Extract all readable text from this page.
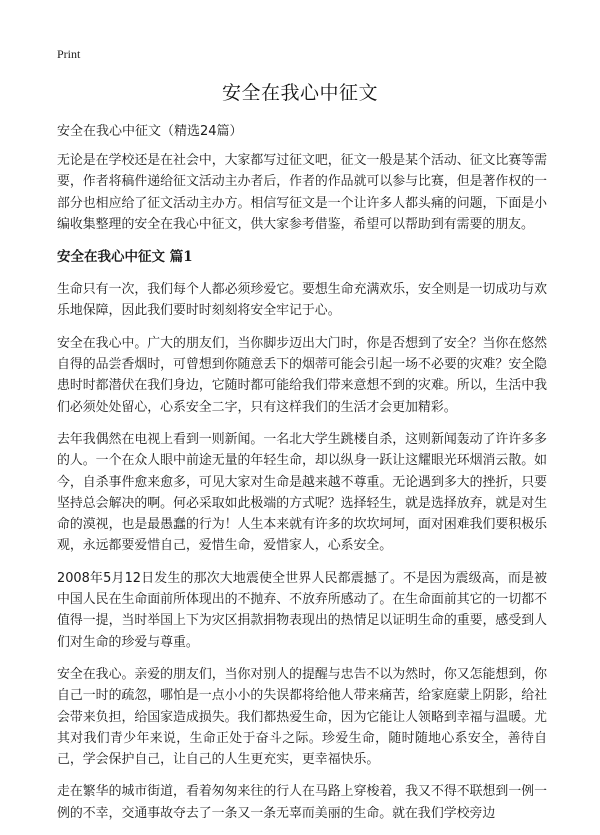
Print
安全在我心中征文
安全在我心中征文（精选24篇）

无论是在学校还是在社会中，大家都写过征文吧，征文一般是某个活动、征文比赛等需要，作者将稿件递给征文活动主办者后，作者的作品就可以参与比赛，但是著作权的一部分也相应给了征文活动主办方。相信写征文是一个让许多人都头痛的问题，下面是小编收集整理的安全在我心中征文，供大家参考借鉴，希望可以帮助到有需要的朋友。

安全在我心中征文 篇1

生命只有一次，我们每个人都必须珍爱它。要想生命充满欢乐，安全则是一切成功与欢乐地保障，因此我们要时时刻刻将安全牢记于心。

安全在我心中。广大的朋友们，当你脚步迈出大门时，你是否想到了安全？当你在悠然自得的品尝香烟时，可曾想到你随意丢下的烟蒂可能会引起一场不必要的灾难？安全隐患时时都潜伏在我们身边，它随时都可能给我们带来意想不到的灾难。所以，生活中我们必须处处留心，心系安全二字，只有这样我们的生活才会更加精彩。

去年我偶然在电视上看到一则新闻。一名北大学生跳楼自杀，这则新闻轰动了许许多多的人。一个在众人眼中前途无量的年轻生命，却以纵身一跃让这耀眼光环烟消云散。如今，自杀事件愈来愈多，可见大家对生命是越来越不尊重。无论遇到多大的挫折，只要坚持总会解决的啊。何必采取如此极端的方式呢？选择轻生，就是选择放弃，就是对生命的漠视，也是最愚蠢的行为！人生本来就有许多的坎坎坷坷，面对困难我们要积极乐观，永远都要爱惜自己，爱惜生命，爱惜家人，心系安全。

2008年5月12日发生的那次大地震使全世界人民都震撼了。不是因为震级高，而是被中国人民在生命面前所体现出的不抛弃、不放弃所感动了。在生命面前其它的一切都不值得一提，当时举国上下为灾区捐款捐物表现出的热情足以证明生命的重要，感受到人们对生命的珍爱与尊重。

安全在我心。亲爱的朋友们，当你对别人的提醒与忠告不以为然时，你又怎能想到，你自己一时的疏忽，哪怕是一点小小的失误都将给他人带来痛苦，给家庭蒙上阴影，给社会带来负担，给国家造成损失。我们都热爱生命，因为它能让人领略到幸福与温暖。尤其对我们青少年来说，生命正处于奋斗之际。珍爱生命，随时随地心系安全，善待自己，学会保护自己，让自己的人生更充实，更幸福快乐。

走在繁华的城市街道，看着匆匆来往的行人在马路上穿梭着，我又不得不联想到一例一例的不幸，交通事故夺去了一条又一条无辜而美丽的生命。就在我们学校旁边
